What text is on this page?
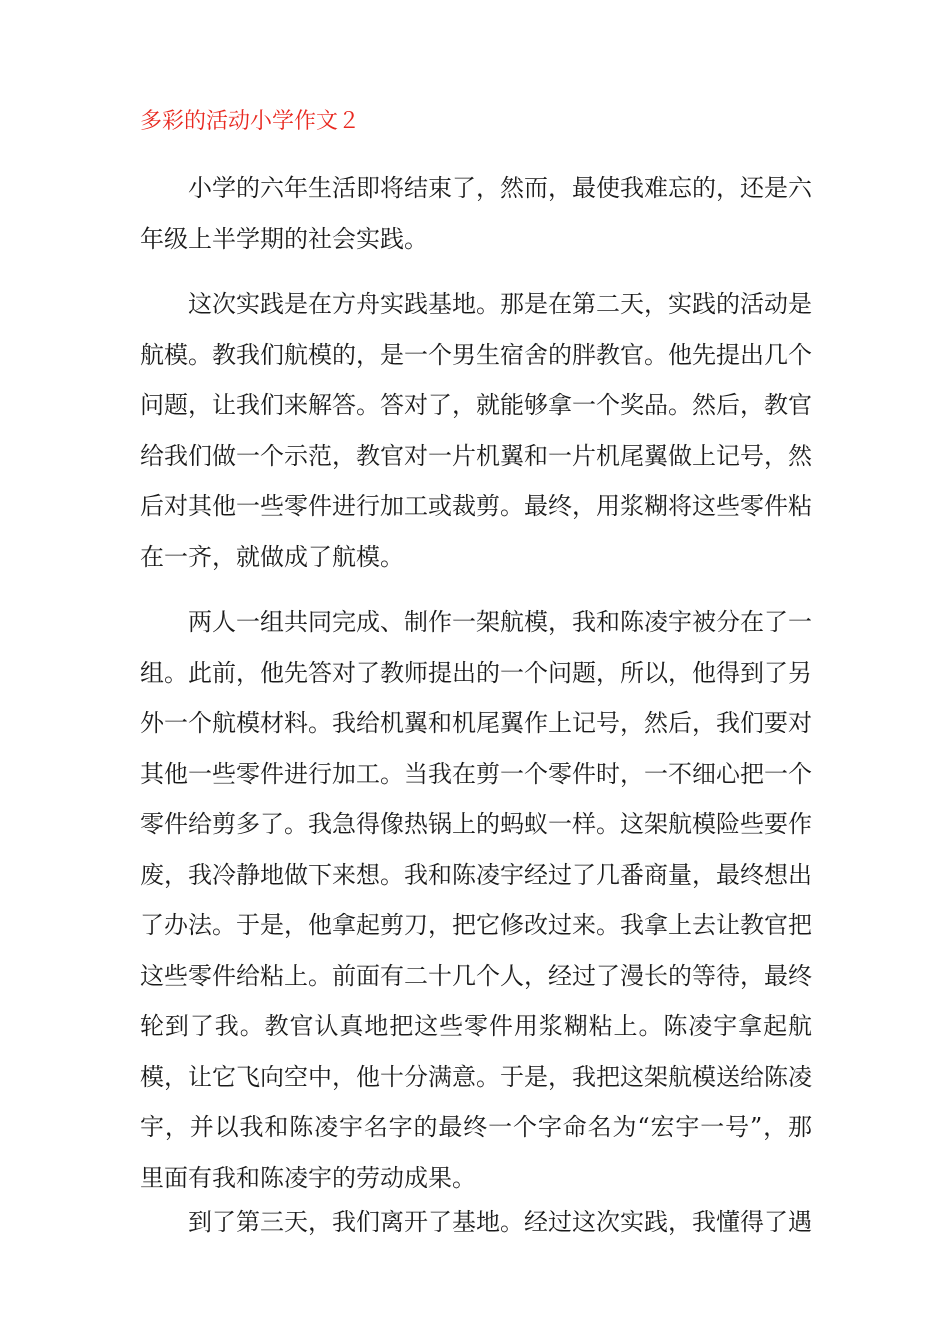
多彩的活动小学作文２

小学的六年生活即将结束了，然而，最使我难忘的，还是六年级上半学期的社会实践。

这次实践是在方舟实践基地。那是在第二天，实践的活动是航模。教我们航模的，是一个男生宿舍的胖教官。他先提出几个问题，让我们来解答。答对了，就能够拿一个奖品。然后，教官给我们做一个示范，教官对一片机翼和一片机尾翼做上记号，然后对其他一些零件进行加工或裁剪。最终，用浆糊将这些零件粘在一齐，就做成了航模。

两人一组共同完成、制作一架航模，我和陈凌宇被分在了一组。此前，他先答对了教师提出的一个问题，所以，他得到了另外一个航模材料。我给机翼和机尾翼作上记号，然后，我们要对其他一些零件进行加工。当我在剪一个零件时，一不细心把一个零件给剪多了。我急得像热锅上的蚂蚁一样。这架航模险些要作废，我冷静地做下来想。我和陈凌宇经过了几番商量，最终想出了办法。于是，他拿起剪刀，把它修改过来。我拿上去让教官把这些零件给粘上。前面有二十几个人，经过了漫长的等待，最终轮到了我。教官认真地把这些零件用浆糊粘上。陈凌宇拿起航模，让它飞向空中，他十分满意。于是，我把这架航模送给陈凌宇，并以我和陈凌宇名字的最终一个字命名为“宏宇一号”，那里面有我和陈凌宇的劳动成果。

到了第三天，我们离开了基地。经过这次实践，我懂得了遇
